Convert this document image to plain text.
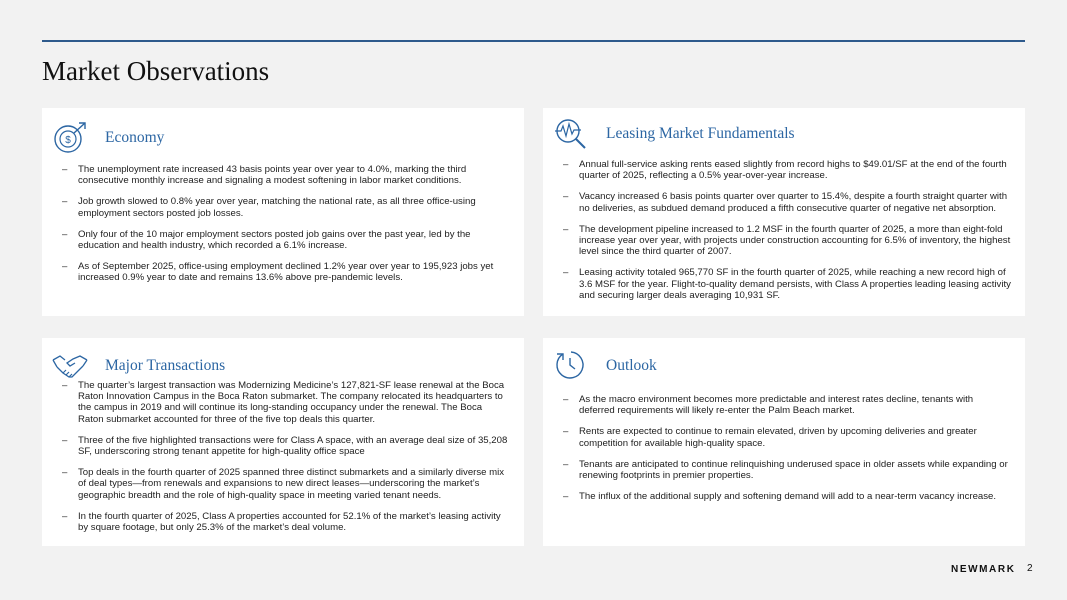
Market Observations
$ Economy
– The unemployment rate increased 43 basis points year over year to 4.0%, marking the third consecutive monthly increase and signaling a modest softening in labor market conditions.
– Job growth slowed to 0.8% year over year, matching the national rate, as all three office-using employment sectors posted job losses.
– Only four of the 10 major employment sectors posted job gains over the past year, led by the education and health industry, which recorded a 6.1% increase.
– As of September 2025, office-using employment declined 1.2% year over year to 195,923 jobs yet increased 0.9% year to date and remains 13.6% above pre-pandemic levels.
Leasing Market Fundamentals
– Annual full-service asking rents eased slightly from record highs to $49.01/SF at the end of the fourth quarter of 2025, reflecting a 0.5% year-over-year increase.
– Vacancy increased 6 basis points quarter over quarter to 15.4%, despite a fourth straight quarter with no deliveries, as subdued demand produced a fifth consecutive quarter of negative net absorption.
– The development pipeline increased to 1.2 MSF in the fourth quarter of 2025, a more than eight-fold increase year over year, with projects under construction accounting for 6.5% of inventory, the highest level since the third quarter of 2007.
– Leasing activity totaled 965,770 SF in the fourth quarter of 2025, while reaching a new record high of 3.6 MSF for the year. Flight-to-quality demand persists, with Class A properties leading leasing activity and securing larger deals averaging 10,931 SF.
Major Transactions
– The quarter’s largest transaction was Modernizing Medicine’s 127,821-SF lease renewal at the Boca Raton Innovation Campus in the Boca Raton submarket. The company relocated its headquarters to the campus in 2019 and will continue its long-standing occupancy under the renewal. The Boca Raton submarket accounted for three of the five top deals this quarter.
– Three of the five highlighted transactions were for Class A space, with an average deal size of 35,208 SF, underscoring strong tenant appetite for high-quality office space
– Top deals in the fourth quarter of 2025 spanned three distinct submarkets and a similarly diverse mix of deal types—from renewals and expansions to new direct leases—underscoring the market’s geographic breadth and the role of high-quality space in meeting varied tenant needs.
– In the fourth quarter of 2025, Class A properties accounted for 52.1% of the market’s leasing activity by square footage, but only 25.3% of the market’s deal volume.
Outlook
– As the macro environment becomes more predictable and interest rates decline, tenants with deferred requirements will likely re-enter the Palm Beach market.
– Rents are expected to continue to remain elevated, driven by upcoming deliveries and greater competition for available high-quality space.
– Tenants are anticipated to continue relinquishing underused space in older assets while expanding or renewing footprints in premier properties.
– The influx of the additional supply and softening demand will add to a near-term vacancy increase.
NEWMARK 2
